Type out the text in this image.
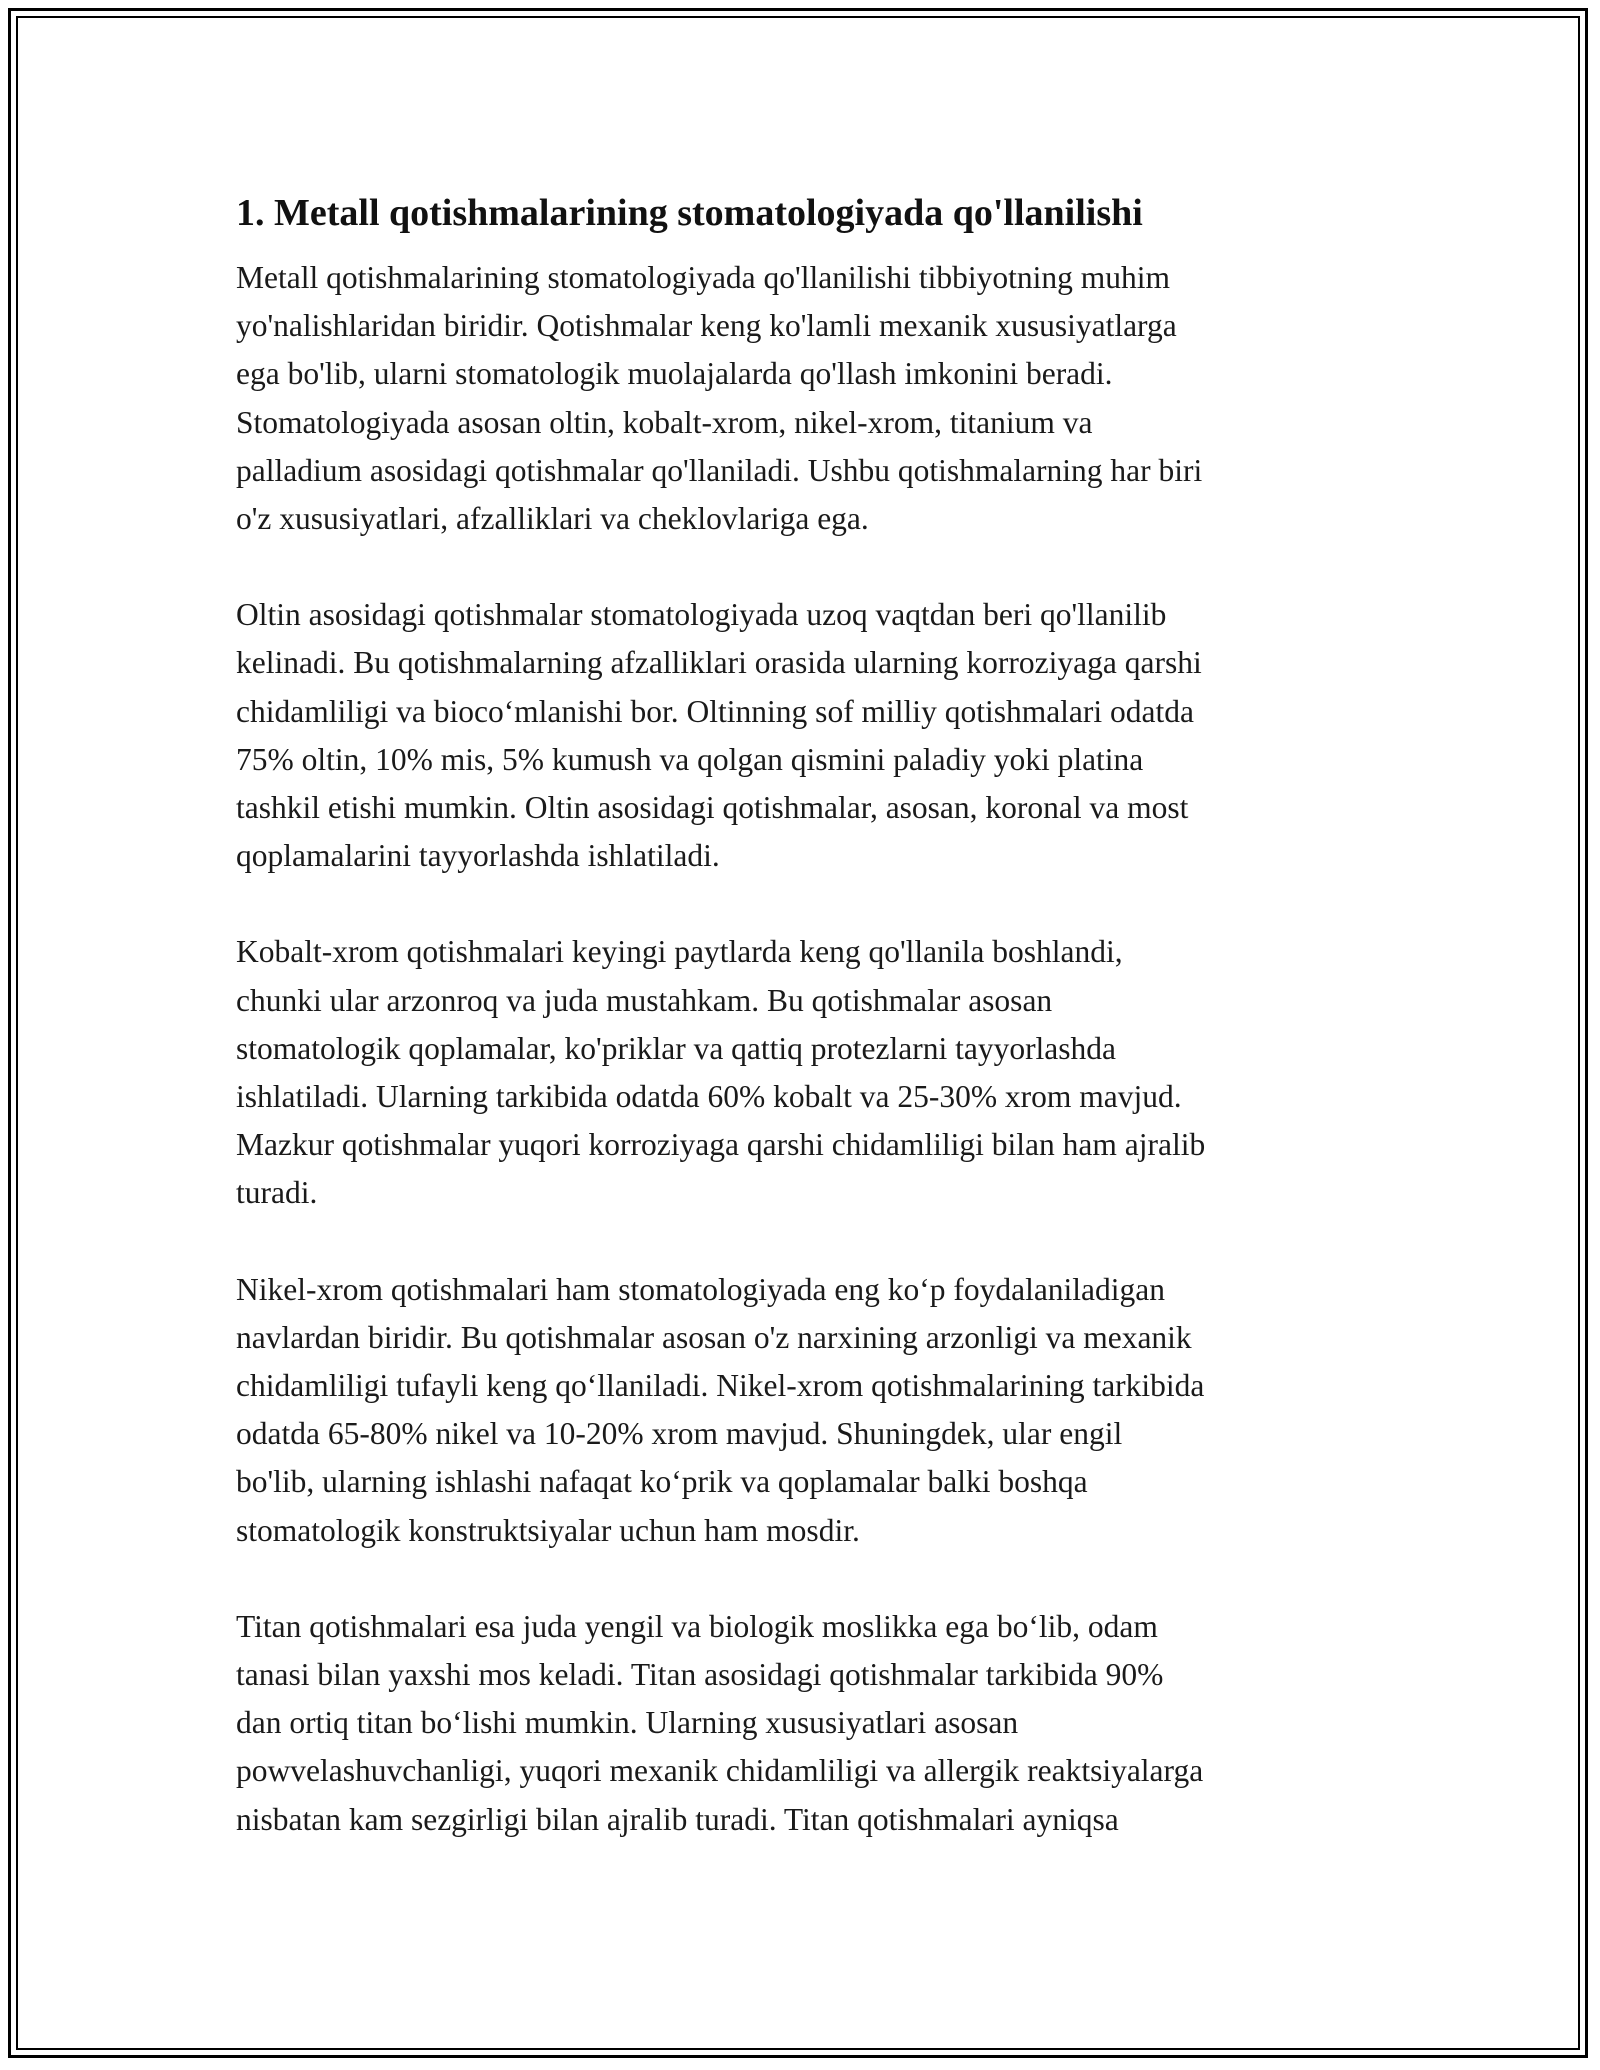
1. Metall qotishmalarining stomatologiyada qo'llanilishi

Metall qotishmalarining stomatologiyada qo'llanilishi tibbiyotning muhim
yo'nalishlaridan biridir. Qotishmalar keng ko'lamli mexanik xususiyatlarga
ega bo'lib, ularni stomatologik muolajalarda qo'llash imkonini beradi.
Stomatologiyada asosan oltin, kobalt-xrom, nikel-xrom, titanium va
palladium asosidagi qotishmalar qo'llaniladi. Ushbu qotishmalarning har biri
o'z xususiyatlari, afzalliklari va cheklovlariga ega.

Oltin asosidagi qotishmalar stomatologiyada uzoq vaqtdan beri qo'llanilib
kelinadi. Bu qotishmalarning afzalliklari orasida ularning korroziyaga qarshi
chidamliligi va biocoʻmlanishi bor. Oltinning sof milliy qotishmalari odatda
75% oltin, 10% mis, 5% kumush va qolgan qismini paladiy yoki platina
tashkil etishi mumkin. Oltin asosidagi qotishmalar, asosan, koronal va most
qoplamalarini tayyorlashda ishlatiladi.

Kobalt-xrom qotishmalari keyingi paytlarda keng qo'llanila boshlandi,
chunki ular arzonroq va juda mustahkam. Bu qotishmalar asosan
stomatologik qoplamalar, ko'priklar va qattiq protezlarni tayyorlashda
ishlatiladi. Ularning tarkibida odatda 60% kobalt va 25-30% xrom mavjud.
Mazkur qotishmalar yuqori korroziyaga qarshi chidamliligi bilan ham ajralib
turadi.

Nikel-xrom qotishmalari ham stomatologiyada eng koʻp foydalaniladigan
navlardan biridir. Bu qotishmalar asosan o'z narxining arzonligi va mexanik
chidamliligi tufayli keng qoʻllaniladi. Nikel-xrom qotishmalarining tarkibida
odatda 65-80% nikel va 10-20% xrom mavjud. Shuningdek, ular engil
bo'lib, ularning ishlashi nafaqat koʻprik va qoplamalar balki boshqa
stomatologik konstruktsiyalar uchun ham mosdir.

Titan qotishmalari esa juda yengil va biologik moslikka ega boʻlib, odam
tanasi bilan yaxshi mos keladi. Titan asosidagi qotishmalar tarkibida 90%
dan ortiq titan boʻlishi mumkin. Ularning xususiyatlari asosan
powvelashuvchanligi, yuqori mexanik chidamliligi va allergik reaktsiyalarga
nisbatan kam sezgirligi bilan ajralib turadi. Titan qotishmalari ayniqsa
